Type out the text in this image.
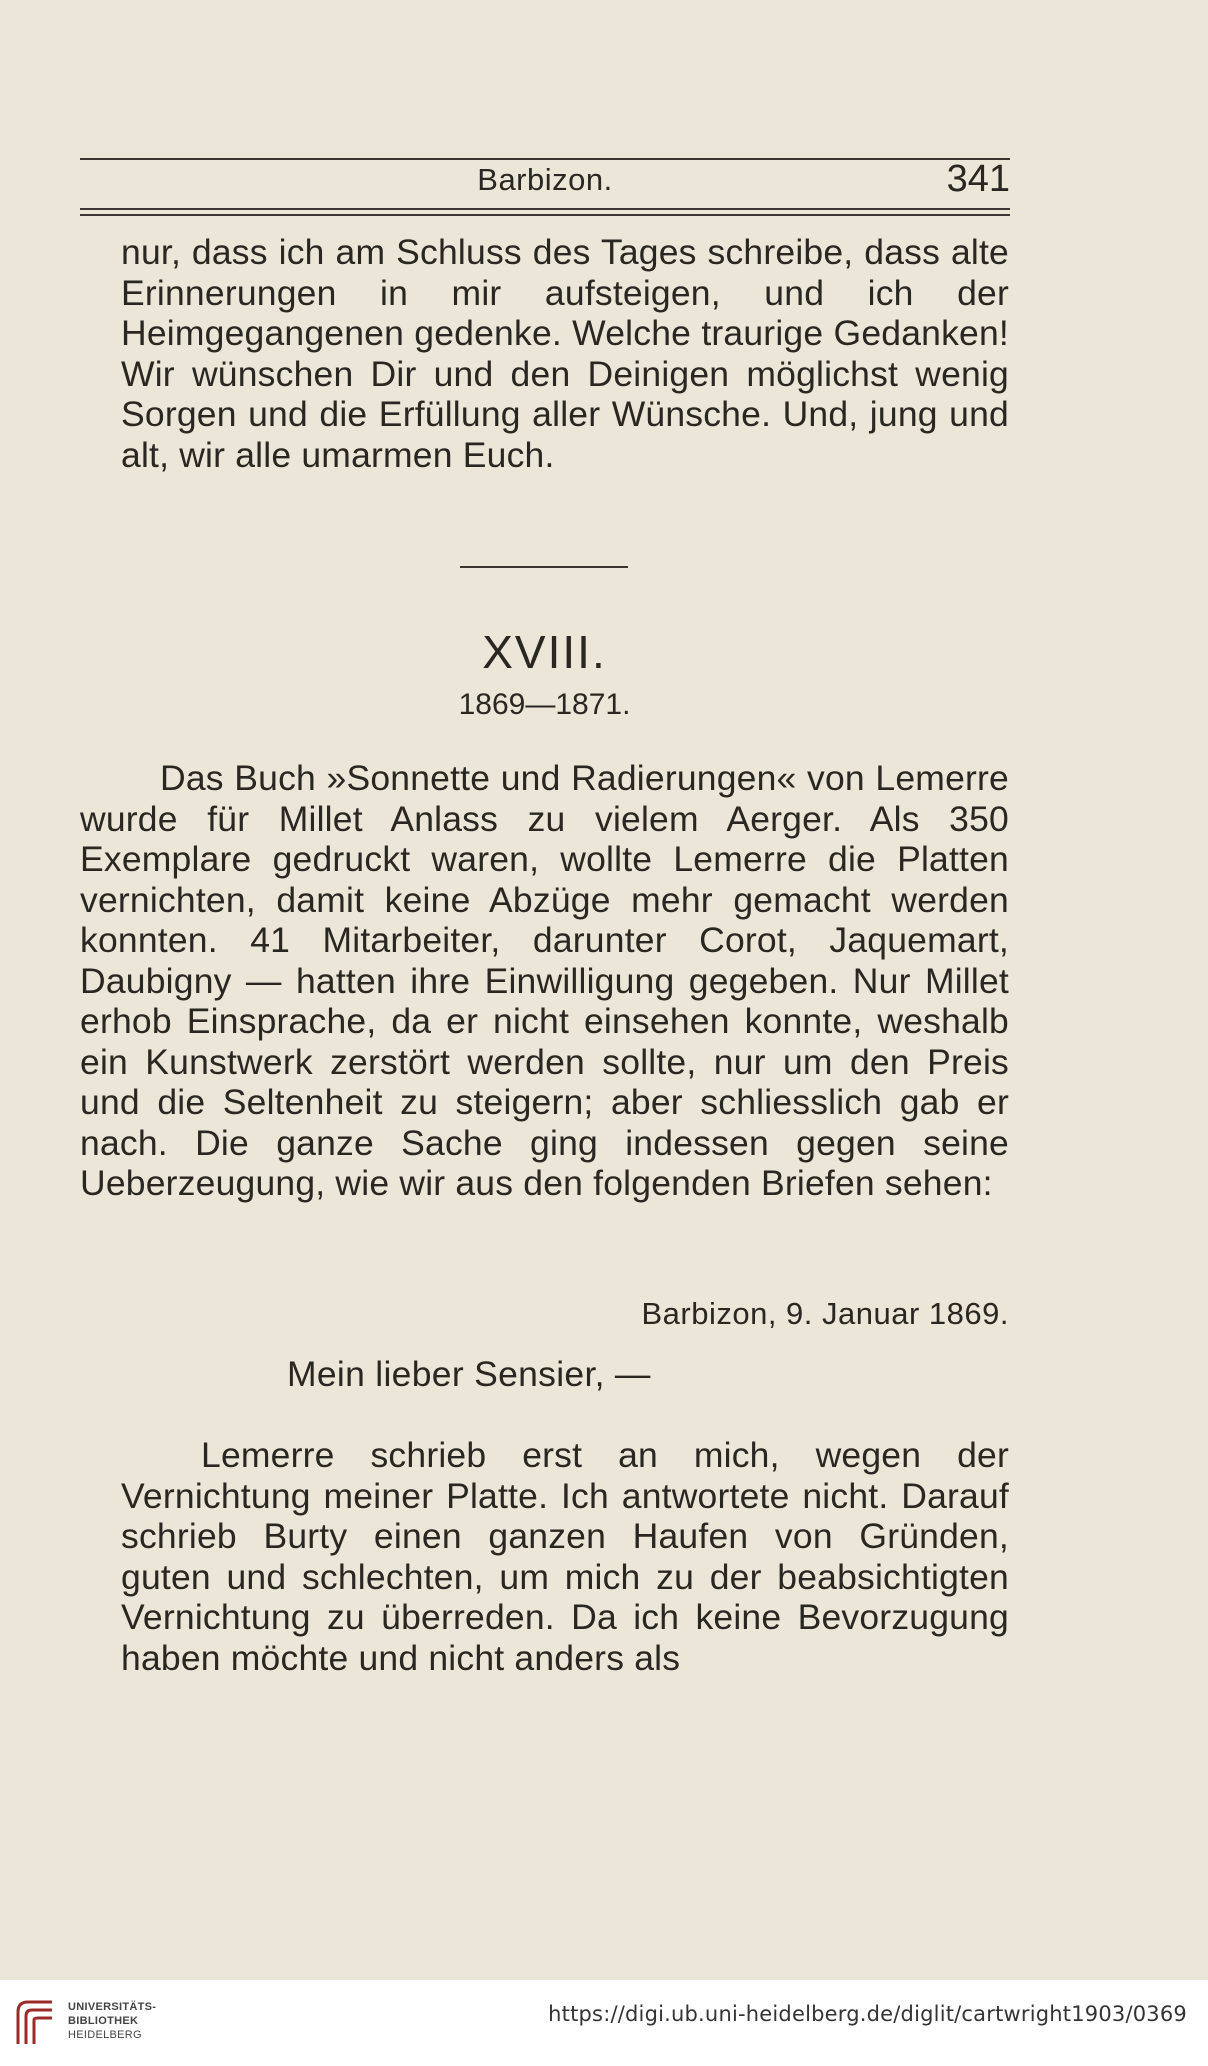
Barbizon.	341

nur, dass ich am Schluss des Tages schreibe, dass alte Erinnerungen in mir aufsteigen, und ich der Heimgegangenen gedenke. Welche traurige Gedanken! Wir wünschen Dir und den Deinigen möglichst wenig Sorgen und die Erfüllung aller Wünsche. Und, jung und alt, wir alle umarmen Euch.

XVIII.
1869—1871.

Das Buch »Sonnette und Radierungen« von Lemerre wurde für Millet Anlass zu vielem Aerger. Als 350 Exemplare gedruckt waren, wollte Lemerre die Platten vernichten, damit keine Abzüge mehr gemacht werden konnten. 41 Mitarbeiter, darunter Corot, Jaquemart, Daubigny — hatten ihre Einwilligung gegeben. Nur Millet erhob Einsprache, da er nicht einsehen konnte, weshalb ein Kunstwerk zerstört werden sollte, nur um den Preis und die Seltenheit zu steigern; aber schliesslich gab er nach. Die ganze Sache ging indessen gegen seine Ueberzeugung, wie wir aus den folgenden Briefen sehen:

Barbizon, 9. Januar 1869.
Mein lieber Sensier, —

Lemerre schrieb erst an mich, wegen der Vernichtung meiner Platte. Ich antwortete nicht. Darauf schrieb Burty einen ganzen Haufen von Gründen, guten und schlechten, um mich zu der beabsichtigten Vernichtung zu überreden. Da ich keine Bevorzugung haben möchte und nicht anders als

UNIVERSITÄTS-
BIBLIOTHEK
HEIDELBERG
https://digi.ub.uni-heidelberg.de/diglit/cartwright1903/0369
